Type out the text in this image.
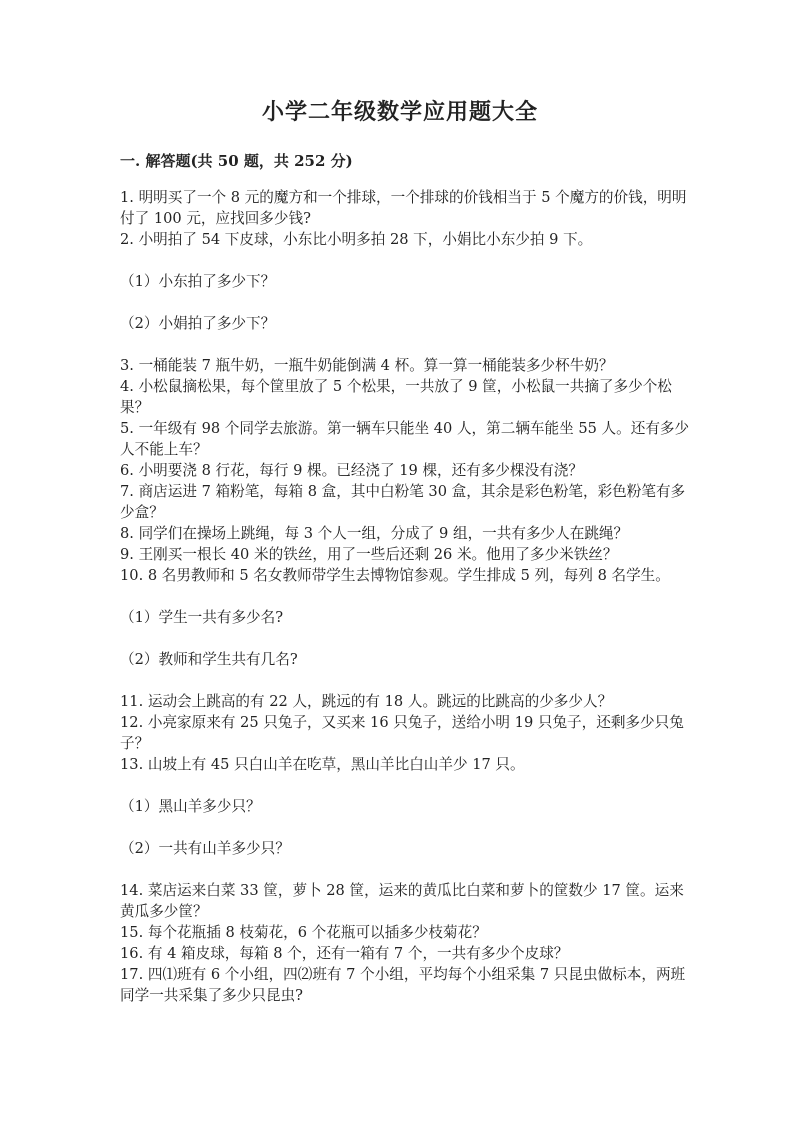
小学二年级数学应用题大全
一. 解答题(共 50 题，共 252 分)

1. 明明买了一个 8 元的魔方和一个排球，一个排球的价钱相当于 5 个魔方的价钱，明明付了 100 元，应找回多少钱?

2. 小明拍了 54 下皮球，小东比小明多拍 28 下，小娟比小东少拍 9 下。

（1）小东拍了多少下？

（2）小娟拍了多少下？

3. 一桶能装 7 瓶牛奶，一瓶牛奶能倒满 4 杯。算一算一桶能装多少杯牛奶？

4. 小松鼠摘松果，每个筐里放了 5 个松果，一共放了 9 筐，小松鼠一共摘了多少个松果？

5. 一年级有 98 个同学去旅游。第一辆车只能坐 40 人，第二辆车能坐 55 人。还有多少人不能上车？

6. 小明要浇 8 行花，每行 9 棵。已经浇了 19 棵，还有多少棵没有浇？

7. 商店运进 7 箱粉笔，每箱 8 盒，其中白粉笔 30 盒，其余是彩色粉笔，彩色粉笔有多少盒？

8. 同学们在操场上跳绳，每 3 个人一组，分成了 9 组，一共有多少人在跳绳？

9. 王刚买一根长 40 米的铁丝，用了一些后还剩 26 米。他用了多少米铁丝？

10. 8 名男教师和 5 名女教师带学生去博物馆参观。学生排成 5 列，每列 8 名学生。

（1）学生一共有多少名?

（2）教师和学生共有几名?

11. 运动会上跳高的有 22 人，跳远的有 18 人。跳远的比跳高的少多少人？

12. 小亮家原来有 25 只兔子，又买来 16 只兔子，送给小明 19 只兔子，还剩多少只兔子？

13. 山坡上有 45 只白山羊在吃草，黑山羊比白山羊少 17 只。

（1）黑山羊多少只？

（2）一共有山羊多少只？

14. 菜店运来白菜 33 筐，萝卜 28 筐，运来的黄瓜比白菜和萝卜的筐数少 17 筐。运来黄瓜多少筐？

15. 每个花瓶插 8 枝菊花，6 个花瓶可以插多少枝菊花？

16. 有 4 箱皮球，每箱 8 个，还有一箱有 7 个，一共有多少个皮球？

17. 四⑴班有 6 个小组，四⑵班有 7 个小组，平均每个小组采集 7 只昆虫做标本，两班同学一共采集了多少只昆虫?
